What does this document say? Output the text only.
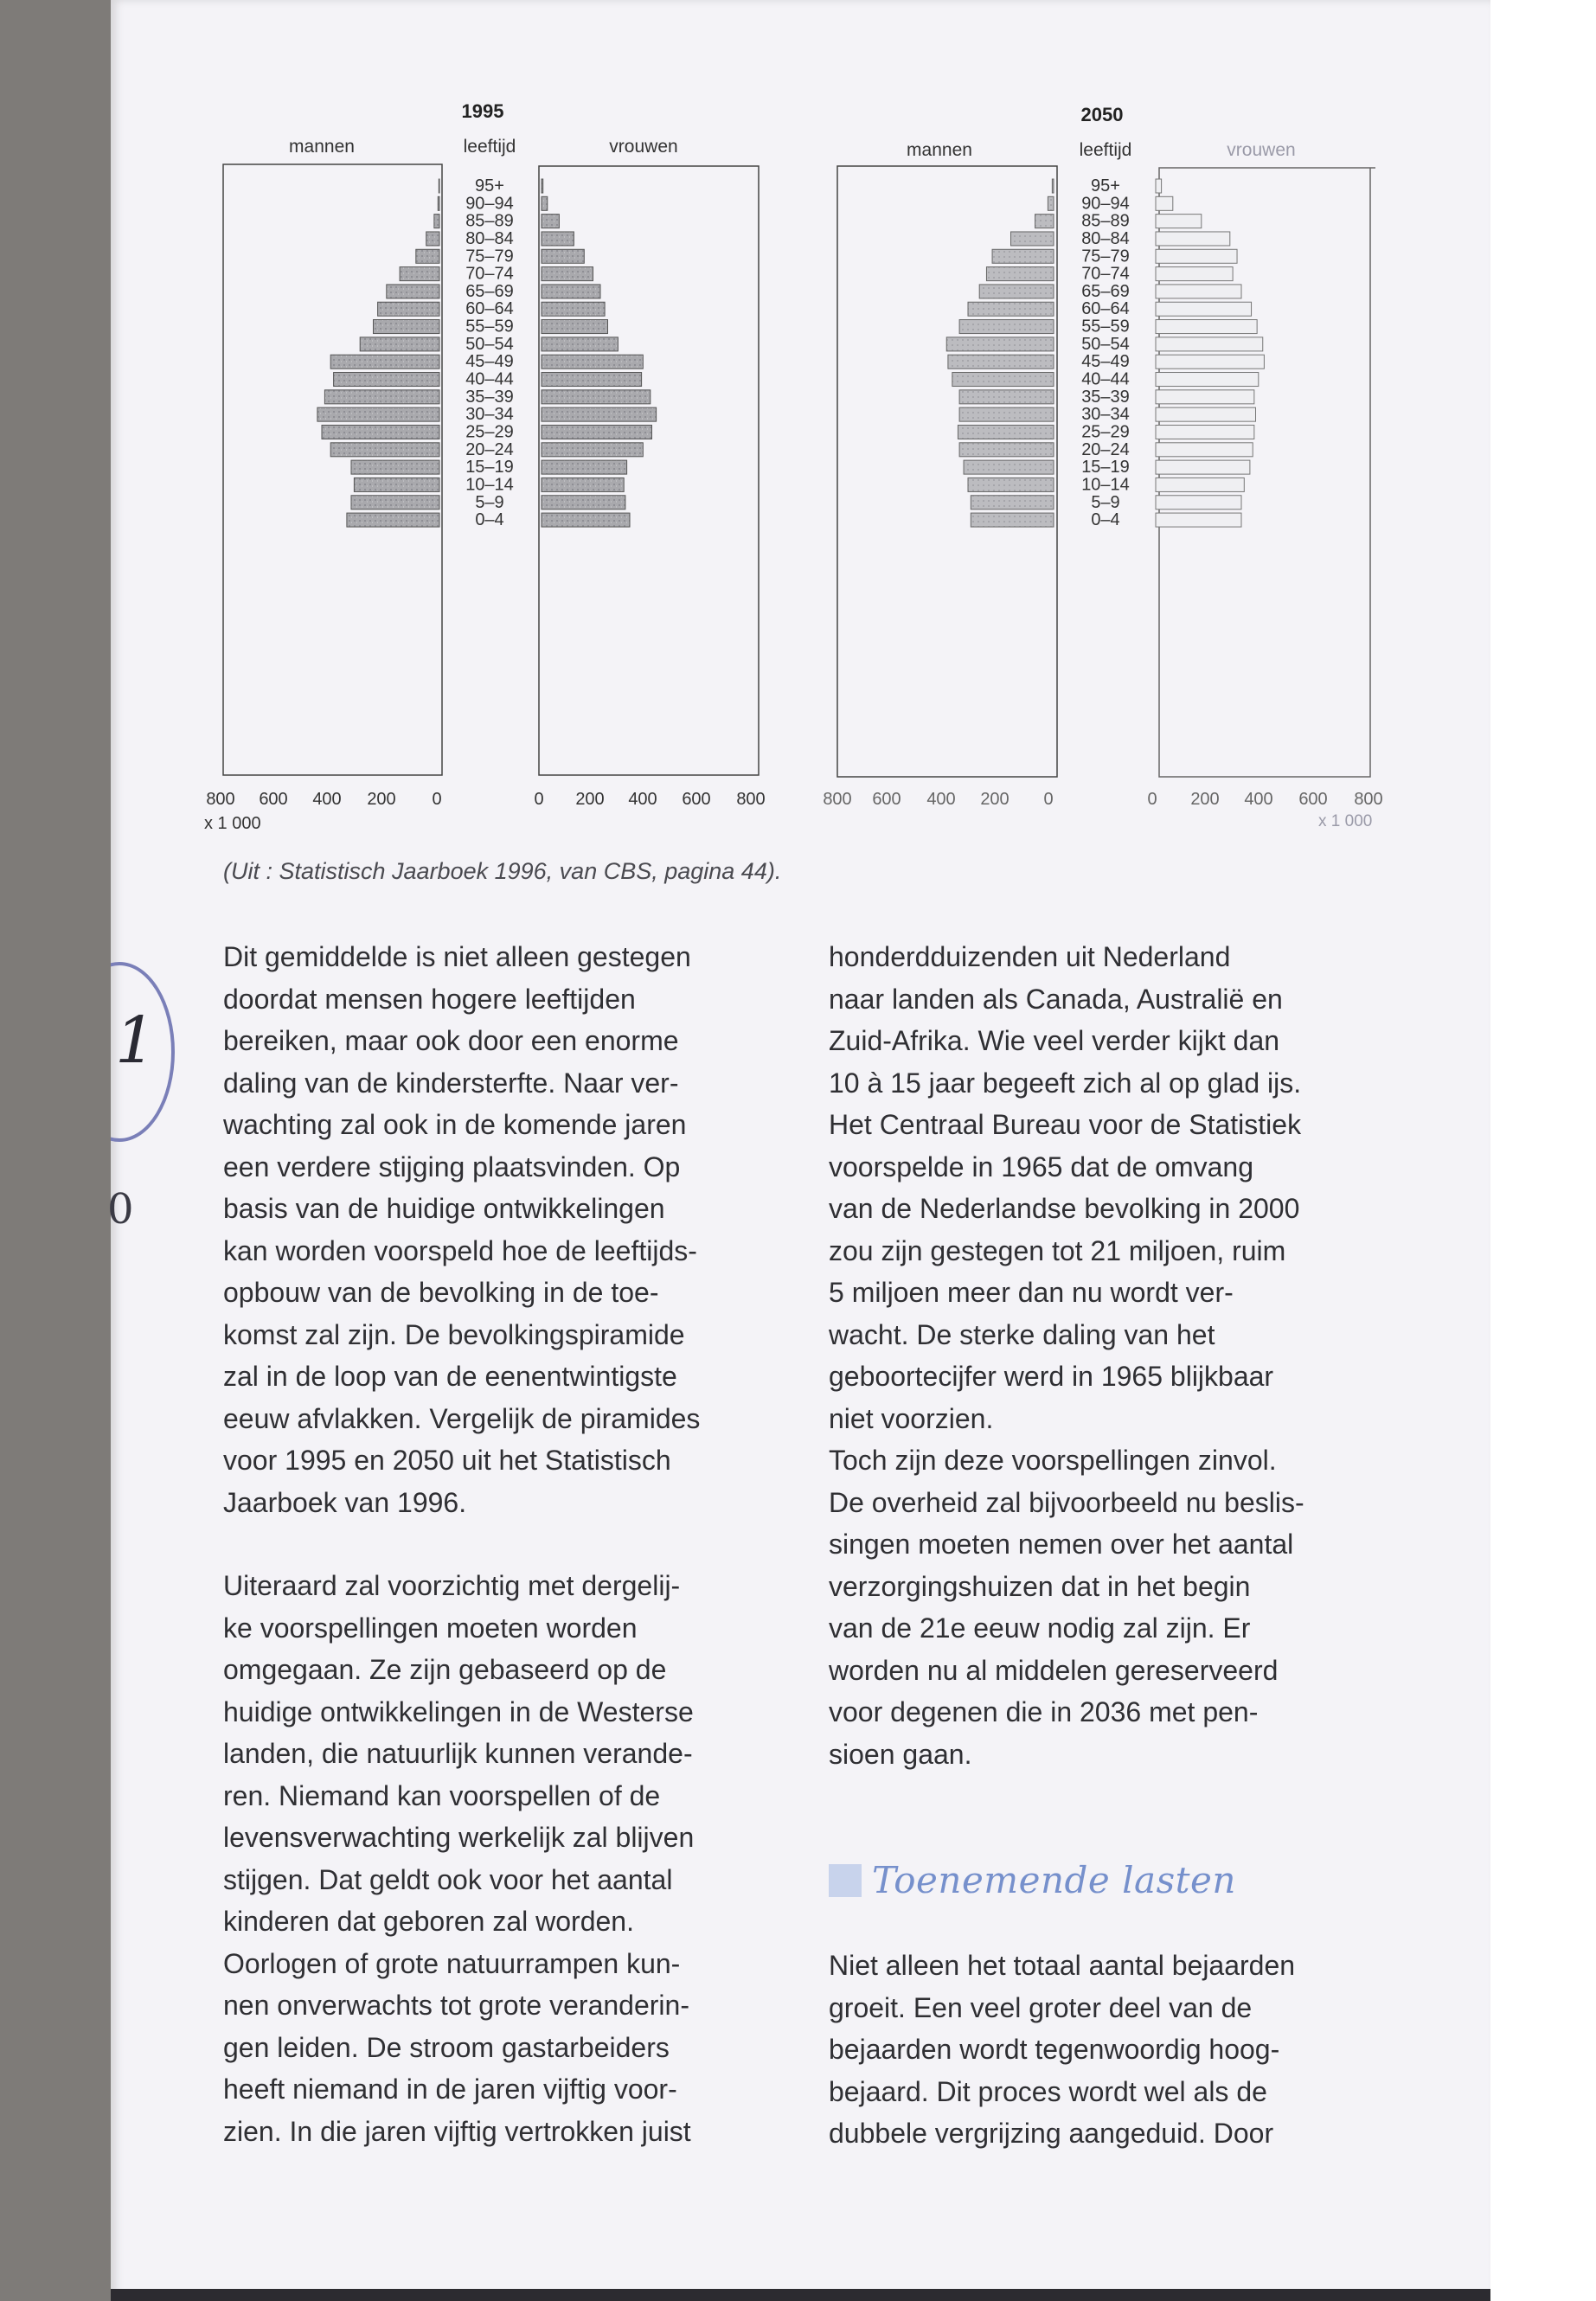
1995
mannen	leeftijd	vrouwen
95+
90–94
85–89
80–84
75–79
70–74
65–69
60–64
55–59
50–54
45–49
40–44
35–39
30–34
25–29
20–24
15–19
10–14
5–9
0–4
800 600 400 200 0	0 200 400 600 800
x 1 000
2050
mannen	leeftijd	vrouwen
95+
90–94
85–89
80–84
75–79
70–74
65–69
60–64
55–59
50–54
45–49
40–44
35–39
30–34
25–29
20–24
15–19
10–14
5–9
0–4
800 600 400 200 0	0 200 400 600 800
x 1 000

(Uit : Statistisch Jaarboek 1996, van CBS, pagina 44).

1
0

Dit gemiddelde is niet alleen gestegen
doordat mensen hogere leeftijden
bereiken, maar ook door een enorme
daling van de kindersterfte. Naar ver-
wachting zal ook in de komende jaren
een verdere stijging plaatsvinden. Op
basis van de huidige ontwikkelingen
kan worden voorspeld hoe de leeftijds-
opbouw van de bevolking in de toe-
komst zal zijn. De bevolkingspiramide
zal in de loop van de eenentwintigste
eeuw afvlakken. Vergelijk de piramides
voor 1995 en 2050 uit het Statistisch
Jaarboek van 1996.

Uiteraard zal voorzichtig met dergelij-
ke voorspellingen moeten worden
omgegaan. Ze zijn gebaseerd op de
huidige ontwikkelingen in de Westerse
landen, die natuurlijk kunnen verande-
ren. Niemand kan voorspellen of de
levensverwachting werkelijk zal blijven
stijgen. Dat geldt ook voor het aantal
kinderen dat geboren zal worden.
Oorlogen of grote natuurrampen kun-
nen onverwachts tot grote veranderin-
gen leiden. De stroom gastarbeiders
heeft niemand in de jaren vijftig voor-
zien. In die jaren vijftig vertrokken juist

honderdduizenden uit Nederland
naar landen als Canada, Australië en
Zuid-Afrika. Wie veel verder kijkt dan
10 à 15 jaar begeeft zich al op glad ijs.
Het Centraal Bureau voor de Statistiek
voorspelde in 1965 dat de omvang
van de Nederlandse bevolking in 2000
zou zijn gestegen tot 21 miljoen, ruim
5 miljoen meer dan nu wordt ver-
wacht. De sterke daling van het
geboortecijfer werd in 1965 blijkbaar
niet voorzien.

Toch zijn deze voorspellingen zinvol.
De overheid zal bijvoorbeeld nu beslis-
singen moeten nemen over het aantal
verzorgingshuizen dat in het begin
van de 21e eeuw nodig zal zijn. Er
worden nu al middelen gereserveerd
voor degenen die in 2036 met pen-
sioen gaan.

Toenemende lasten

Niet alleen het totaal aantal bejaarden
groeit. Een veel groter deel van de
bejaarden wordt tegenwoordig hoog-
bejaard. Dit proces wordt wel als de
dubbele vergrijzing aangeduid. Door
